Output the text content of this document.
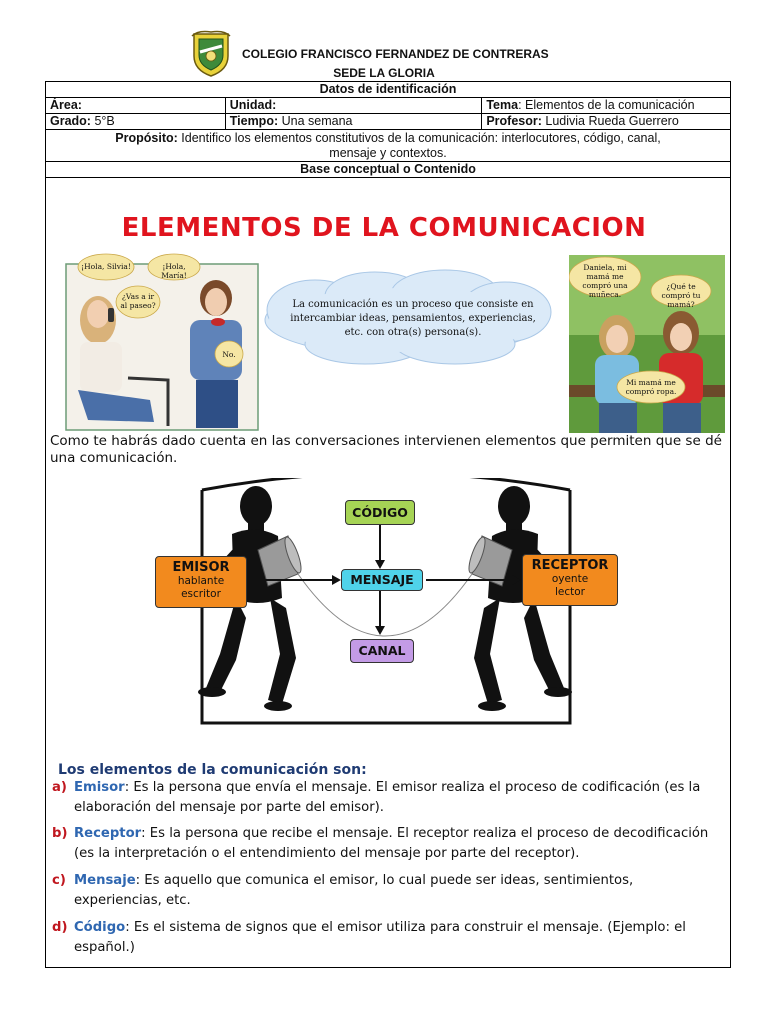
COLEGIO FRANCISCO FERNANDEZ DE CONTRERAS
SEDE LA GLORIA
Datos de identificación		
Área:	Unidad:	Tema: Elementos de la comunicación
Grado: 5°B	Tiempo: Una semana	Profesor: Ludivia Rueda Guerrero
Propósito: Identifico los elementos constitutivos de la comunicación: interlocutores, código, canal, mensaje y contextos.		
Base conceptual o Contenido		
ELEMENTOS DE LA COMUNICACION
¡Hola, Silvia!	¡Hola, María!
¿Vas a ir al paseo?
No.
La comunicación es un proceso que consiste en intercambiar ideas, pensamientos, experiencias, etc. con otra(s) persona(s).
Daniela, mi mamá me compró una muñeca.
¿Qué te compró tu mamá?
Mi mamá me compró ropa.
Como te habrás dado cuenta en las conversaciones intervienen elementos que permiten que se dé una comunicación.
CÓDIGO
MENSAJE
CANAL
EMISOR
hablante
escritor
RECEPTOR
oyente
lector
Los elementos de la comunicación son:
a) Emisor: Es la persona que envía el mensaje. El emisor realiza el proceso de codificación (es la elaboración del mensaje por parte del emisor).
b) Receptor: Es la persona que recibe el mensaje. El receptor realiza el proceso de decodificación (es la interpretación o el entendimiento del mensaje por parte del receptor).
c) Mensaje: Es aquello que comunica el emisor, lo cual puede ser ideas, sentimientos, experiencias, etc.
d) Código: Es el sistema de signos que el emisor utiliza para construir el mensaje. (Ejemplo: el español.)
